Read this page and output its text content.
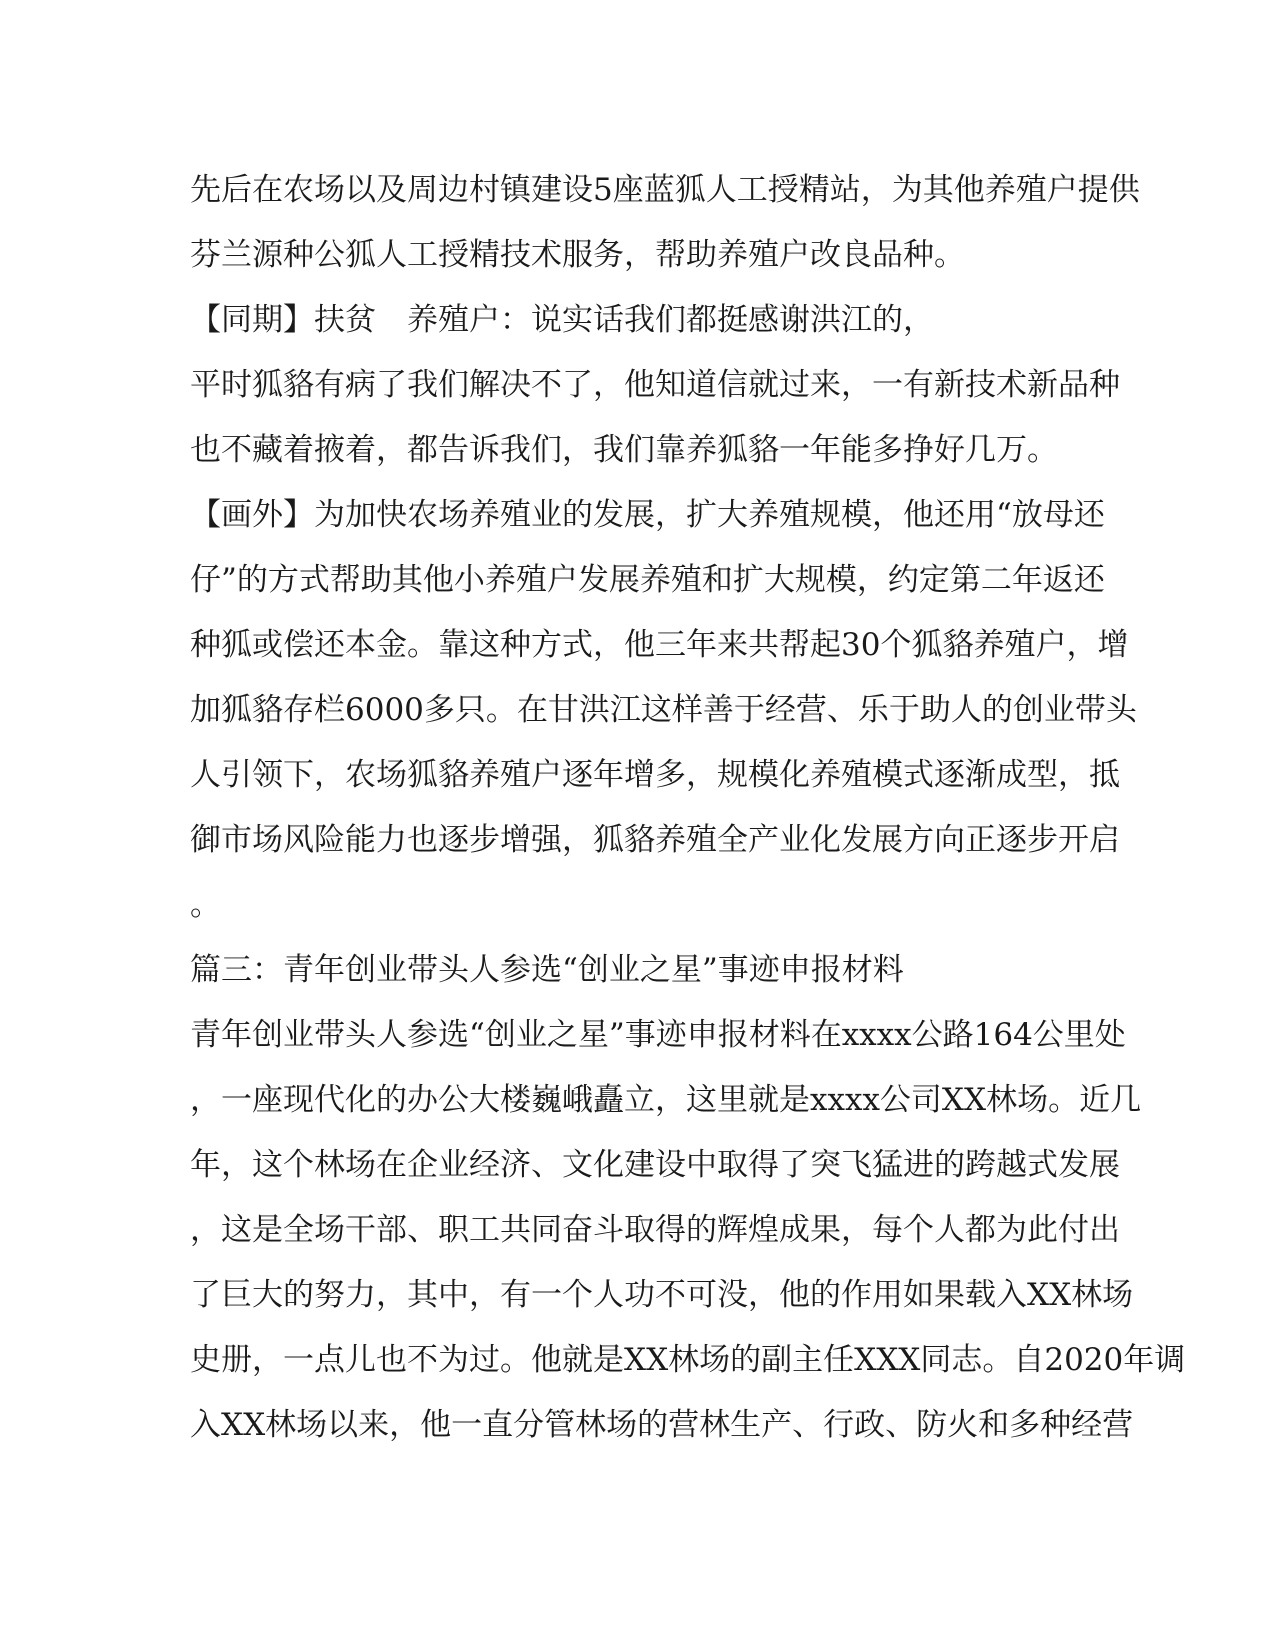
先后在农场以及周边村镇建设5座蓝狐人工授精站，为其他养殖户提供
芬兰源种公狐人工授精技术服务，帮助养殖户改良品种。
【同期】扶贫　养殖户：说实话我们都挺感谢洪江的，
平时狐貉有病了我们解决不了，他知道信就过来，一有新技术新品种
也不藏着掖着，都告诉我们，我们靠养狐貉一年能多挣好几万。
【画外】为加快农场养殖业的发展，扩大养殖规模，他还用“放母还
仔”的方式帮助其他小养殖户发展养殖和扩大规模，约定第二年返还
种狐或偿还本金。靠这种方式，他三年来共帮起30个狐貉养殖户，增
加狐貉存栏6000多只。在甘洪江这样善于经营、乐于助人的创业带头
人引领下，农场狐貉养殖户逐年增多，规模化养殖模式逐渐成型，抵
御市场风险能力也逐步增强，狐貉养殖全产业化发展方向正逐步开启
。
篇三：青年创业带头人参选“创业之星”事迹申报材料
青年创业带头人参选“创业之星”事迹申报材料在xxxx公路164公里处
，一座现代化的办公大楼巍峨矗立，这里就是xxxx公司XX林场。近几
年，这个林场在企业经济、文化建设中取得了突飞猛进的跨越式发展
，这是全场干部、职工共同奋斗取得的辉煌成果，每个人都为此付出
了巨大的努力，其中，有一个人功不可没，他的作用如果载入XX林场
史册，一点儿也不为过。他就是XX林场的副主任XXX同志。自2020年调
入XX林场以来，他一直分管林场的营林生产、行政、防火和多种经营
